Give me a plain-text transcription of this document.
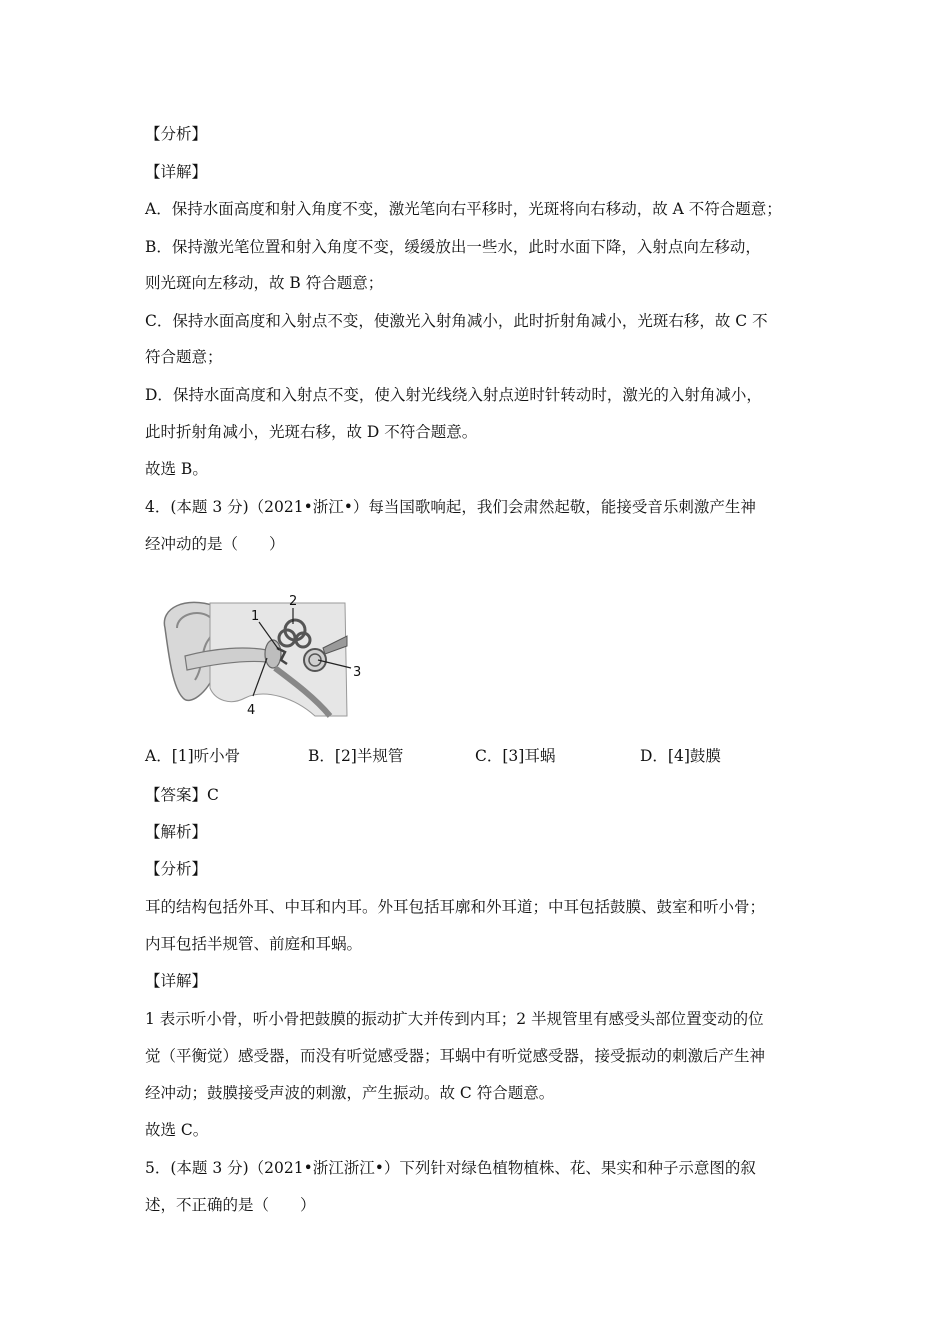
【分析】
【详解】
A．保持水面高度和射入角度不变，激光笔向右平移时，光斑将向右移动，故 A 不符合题意；
B．保持激光笔位置和射入角度不变，缓缓放出一些水，此时水面下降，入射点向左移动，
则光斑向左移动，故 B 符合题意；
C．保持水面高度和入射点不变，使激光入射角减小，此时折射角减小，光斑右移，故 C 不
符合题意；
D．保持水面高度和入射点不变，使入射光线绕入射点逆时针转动时，激光的入射角减小，
此时折射角减小，光斑右移，故 D 不符合题意。
故选 B。
4．(本题 3 分)（2021•浙江•）每当国歌响起，我们会肃然起敬，能接受音乐刺激产生神
经冲动的是（　　）
1
2
3
4
A．[1]听小骨	B．[2]半规管	C．[3]耳蜗	D．[4]鼓膜
【答案】C
【解析】
【分析】
耳的结构包括外耳、中耳和内耳。外耳包括耳廓和外耳道；中耳包括鼓膜、鼓室和听小骨；
内耳包括半规管、前庭和耳蜗。
【详解】
1 表示听小骨，听小骨把鼓膜的振动扩大并传到内耳；2 半规管里有感受头部位置变动的位
觉（平衡觉）感受器，而没有听觉感受器；耳蜗中有听觉感受器，接受振动的刺激后产生神
经冲动；鼓膜接受声波的刺激，产生振动。故 C 符合题意。
故选 C。
5．(本题 3 分)（2021•浙江浙江•）下列针对绿色植物植株、花、果实和种子示意图的叙
述，不正确的是（　　）
